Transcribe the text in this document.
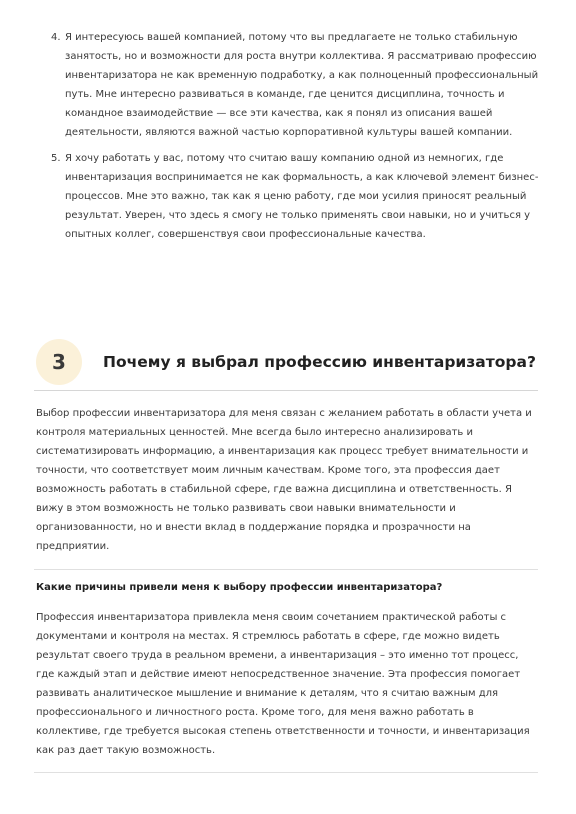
4. Я интересуюсь вашей компанией, потому что вы предлагаете не только стабильную занятость, но и возможности для роста внутри коллектива. Я рассматриваю профессию инвентаризатора не как временную подработку, а как полноценный профессиональный путь. Мне интересно развиваться в команде, где ценится дисциплина, точность и командное взаимодействие — все эти качества, как я понял из описания вашей деятельности, являются важной частью корпоративной культуры вашей компании.
5. Я хочу работать у вас, потому что считаю вашу компанию одной из немногих, где инвентаризация воспринимается не как формальность, а как ключевой элемент бизнес-процессов. Мне это важно, так как я ценю работу, где мои усилия приносят реальный результат. Уверен, что здесь я смогу не только применять свои навыки, но и учиться у опытных коллег, совершенствуя свои профессиональные качества.
3	Почему я выбрал профессию инвентаризатора?

Выбор профессии инвентаризатора для меня связан с желанием работать в области учета и контроля материальных ценностей. Мне всегда было интересно анализировать и систематизировать информацию, а инвентаризация как процесс требует внимательности и точности, что соответствует моим личным качествам. Кроме того, эта профессия дает возможность работать в стабильной сфере, где важна дисциплина и ответственность. Я вижу в этом возможность не только развивать свои навыки внимательности и организованности, но и внести вклад в поддержание порядка и прозрачности на предприятии.

Какие причины привели меня к выбору профессии инвентаризатора?

Профессия инвентаризатора привлекла меня своим сочетанием практической работы с документами и контроля на местах. Я стремлюсь работать в сфере, где можно видеть результат своего труда в реальном времени, а инвентаризация – это именно тот процесс, где каждый этап и действие имеют непосредственное значение. Эта профессия помогает развивать аналитическое мышление и внимание к деталям, что я считаю важным для профессионального и личностного роста. Кроме того, для меня важно работать в коллективе, где требуется высокая степень ответственности и точности, и инвентаризация как раз дает такую возможность.
